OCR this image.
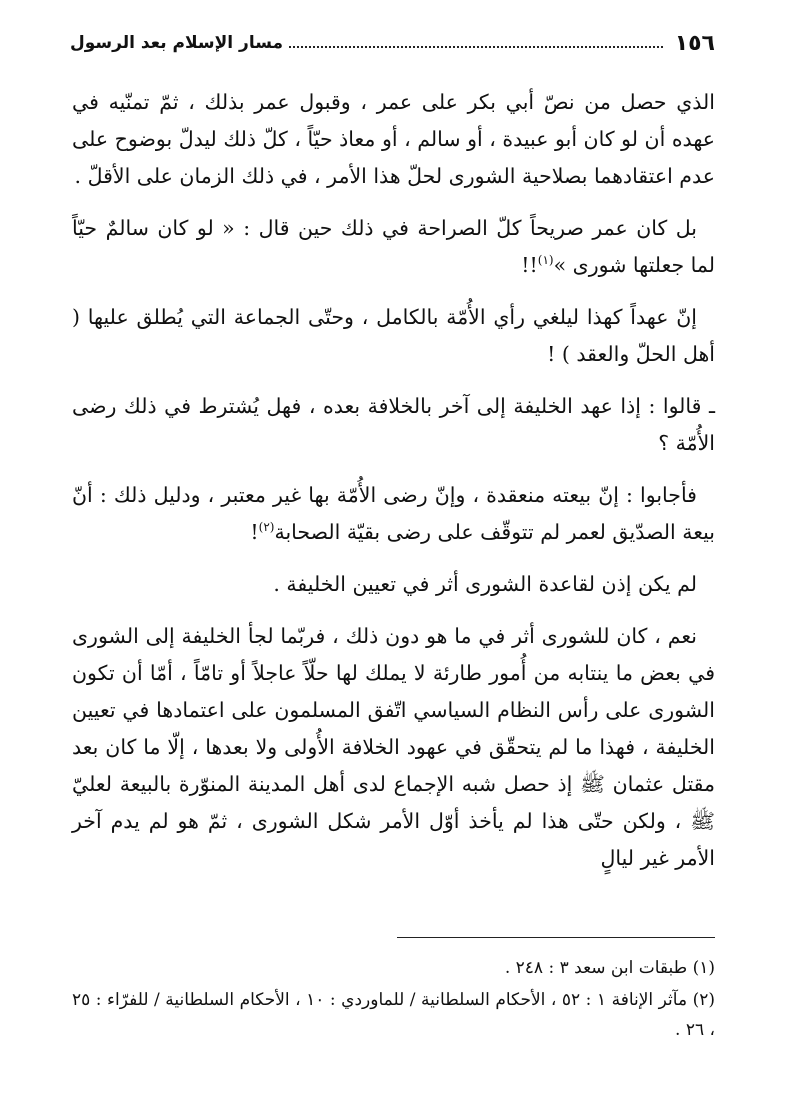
١٥٦
مسار الإسلام بعد الرسول

الذي حصل من نصّ أبي بكر على عمر ، وقبول عمر بذلك ، ثمّ تمنّيه في عهده أن لو كان أبو عبيدة ، أو سالم ، أو معاذ حيّاً ، كلّ ذلك ليدلّ بوضوح على عدم اعتقادهما بصلاحية الشورى لحلّ هذا الأمر ، في ذلك الزمان على الأقلّ .

بل كان عمر صريحاً كلّ الصراحة في ذلك حين قال : « لو كان سالمٌ حيّاً لما جعلتها شورى »$^{(١)}$!!

إنّ عهداً كهذا ليلغي رأي الأُمّة بالكامل ، وحتّى الجماعة التي يُطلق عليها ( أهل الحلّ والعقد ) !

ـ قالوا : إذا عهد الخليفة إلى آخر بالخلافة بعده ، فهل يُشترط في ذلك رضى الأُمّة ؟

فأجابوا : إنّ بيعته منعقدة ، وإنّ رضى الأُمّة بها غير معتبر ، ودليل ذلك : أنّ بيعة الصدّيق لعمر لم تتوقّف على رضى بقيّة الصحابة$^{(٢)}$!

لم يكن إذن لقاعدة الشورى أثر في تعيين الخليفة .

نعم ، كان للشورى أثر في ما هو دون ذلك ، فربّما لجأ الخليفة إلى الشورى في بعض ما ينتابه من أُمور طارئة لا يملك لها حلّاً عاجلاً أو تامّاً ، أمّا أن تكون الشورى على رأس النظام السياسي اتّفق المسلمون على اعتمادها في تعيين الخليفة ، فهذا ما لم يتحقّق في عهود الخلافة الأُولى ولا بعدها ، إلّا ما كان بعد مقتل عثمان ﷺ إذ حصل شبه الإجماع لدى أهل المدينة المنوّرة بالبيعة لعليّ ﷺ ، ولكن حتّى هذا لم يأخذ أوّل الأمر شكل الشورى ، ثمّ هو لم يدم آخر الأمر غير ليالٍ

(١) طبقات ابن سعد ٣ : ٢٤٨ .

(٢) مآثر الإنافة ١ : ٥٢ ، الأحكام السلطانية / للماوردي : ١٠ ، الأحكام السلطانية / للفرّاء : ٢٥ ، ٢٦ .
